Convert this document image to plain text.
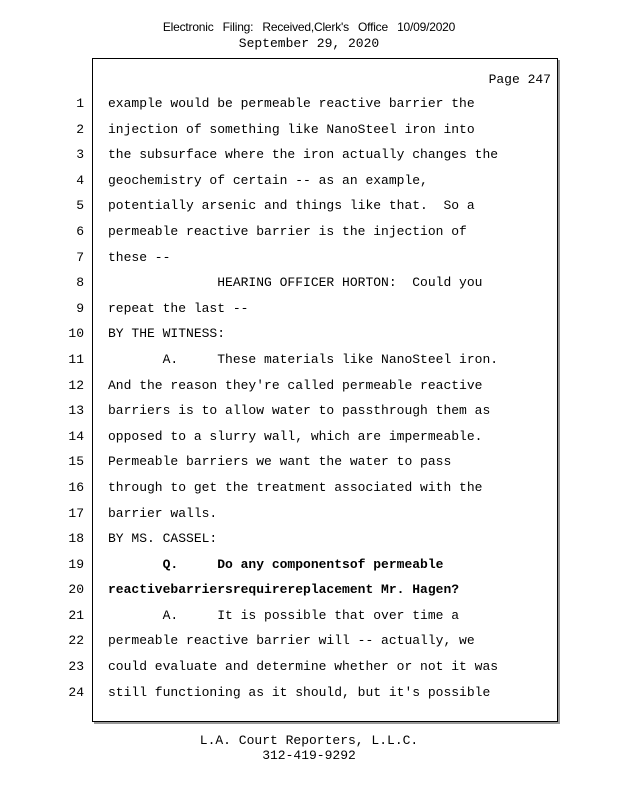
Electronic Filing: Received,Clerk's Office 10/09/2020
September 29, 2020
Page 247
1
2
3
4
5
6
7
8
9
10
11
12
13
14
15
16
17
18
19
20
21
22
23
24
example would be permeable reactive barrier the
injection of something like NanoSteel iron into
the subsurface where the iron actually changes the
geochemistry of certain -- as an example,
potentially arsenic and things like that.  So a
permeable reactive barrier is the injection of
these --
HEARING OFFICER HORTON:  Could you
repeat the last --
BY THE WITNESS:
A.     These materials like NanoSteel iron.
And the reason they're called permeable reactive
barriers is to allow water to passthrough them as
opposed to a slurry wall, which are impermeable.
Permeable barriers we want the water to pass
through to get the treatment associated with the
barrier walls.
BY MS. CASSEL:
Q.     Do any componentsof permeable
reactivebarriersrequirereplacement Mr. Hagen?
A.     It is possible that over time a
permeable reactive barrier will -- actually, we
could evaluate and determine whether or not it was
still functioning as it should, but it's possible
L.A. Court Reporters, L.L.C.
312-419-9292
